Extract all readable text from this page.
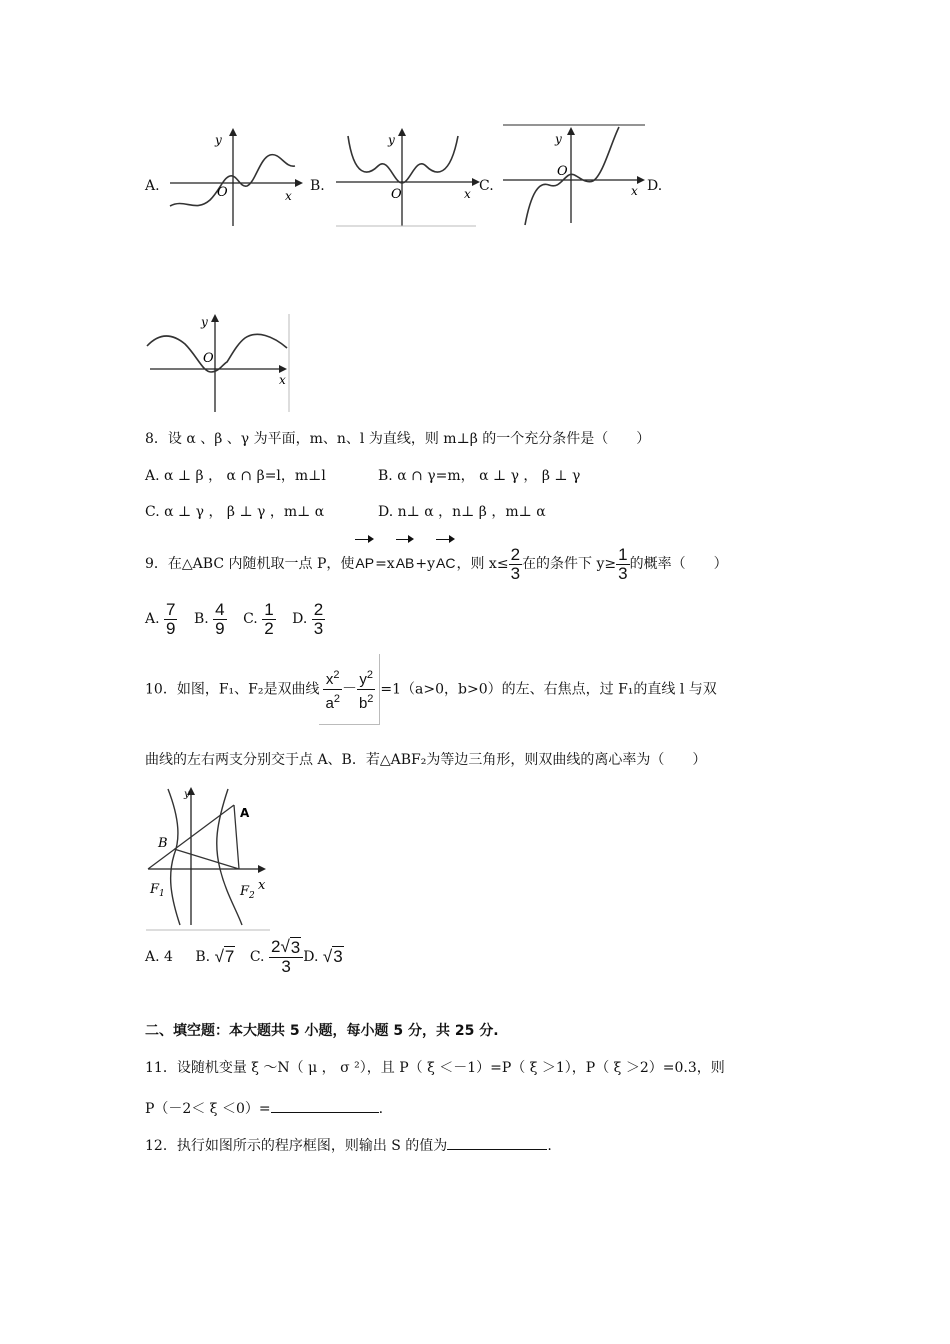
A.
y
O	x
B.
y
O	x C.
y
O
x D.
y
O
x
8．设 α 、β 、γ 为平面，m、n、l 为直线，则 m⊥β 的一个充分条件是（　　）
A. α ⊥ β ， α ∩ β=l，m⊥l	B. α ∩ γ=m， α ⊥ γ ， β ⊥ γ
C. α ⊥ γ ， β ⊥ γ ，m⊥ α	D. n⊥ α ，n⊥ β ，m⊥ α
9．在△ABC 内随机取一点 P，使AP=xAB+yAC，则 $x\le \frac{2}{3}$ 在的条件下 $y\ge \frac{1}{3}$ 的概率（　　）
A. $\frac{7}{9} B$. $\frac{4}{9} C$. $\frac{1}{2} D$. $\frac{2}{3}$
10．如图，F₁、F₂是双曲线 $\frac{x^2}{a^2} - \frac{y^2}{b^2} =1(a>0$，b>0）的左、右焦点，过 F₁的直线 l 与双
曲线的左右两支分别交于点 A、B．若△ABF₂为等边三角形，则双曲线的离心率为（　　）
A
B
$F_1$	$F_2$
x
y
A. 4 B. √7 C. $\frac{2√3}{3} D$. √3
二、填空题：本大题共 5 小题，每小题 5 分，共 25 分.
11．设随机变量 ξ ～N（ μ ， σ ²），且 P（ ξ ＜－1）=P（ ξ ＞1），P（ ξ ＞2）=0.3，则
P（－2＜ ξ ＜0）=	.
12．执行如图所示的程序框图，则输出 S 的值为	.
